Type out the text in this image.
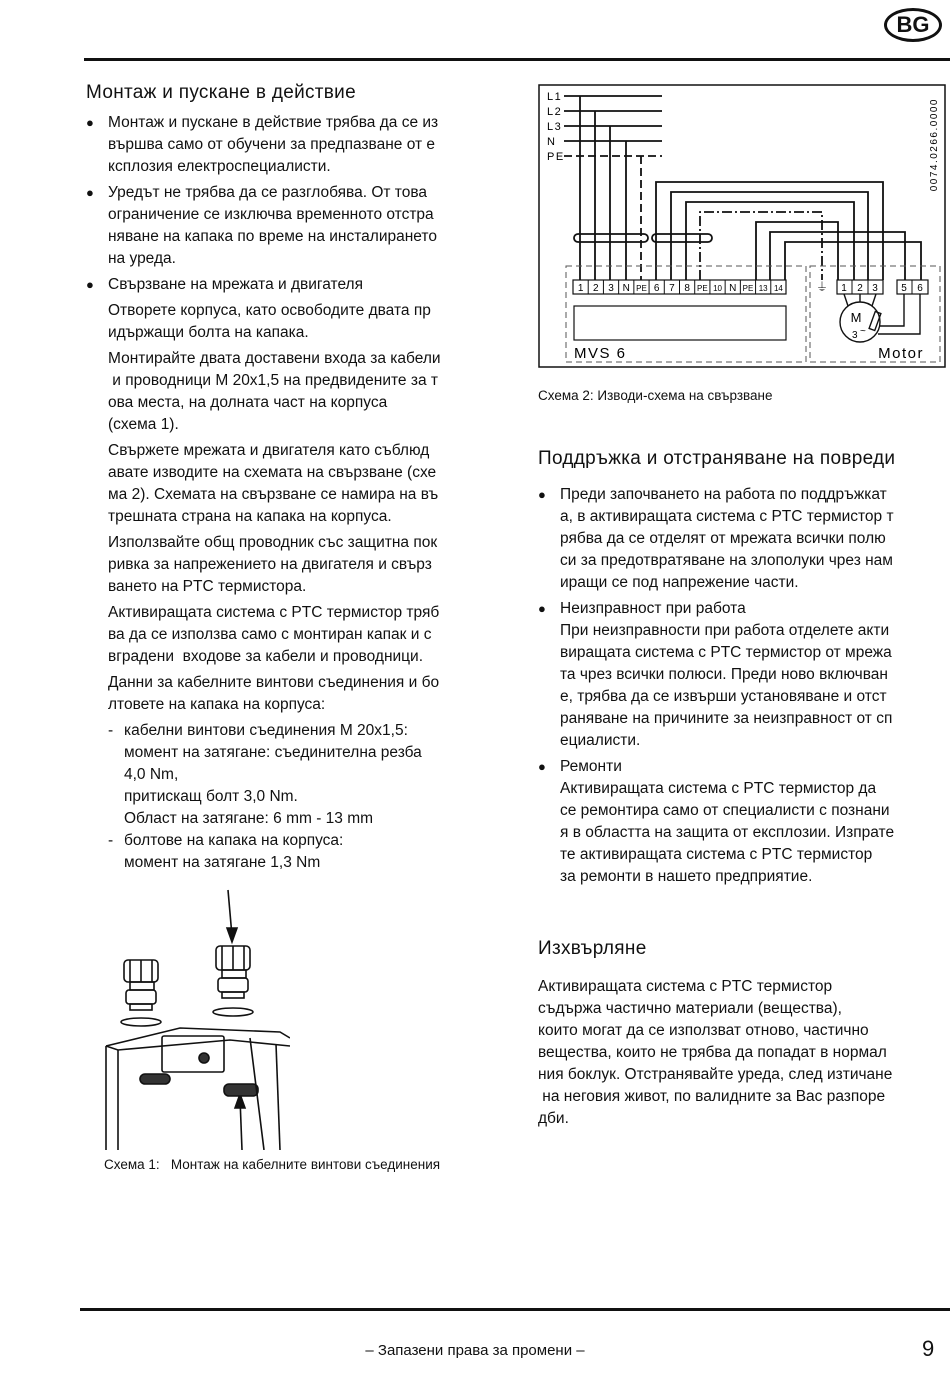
BG
Монтаж и пускане в действие
● Монтаж и пускане в действие трябва да се из
вършва само от обучени за предпазване от е
ксплозия електроспециалисти.
● Уредът не трябва да се разглобява. От това
ограничение се изключва временното отстра
няване на капака по време на инсталирането
на уреда.
● Свързване на мрежата и двигателя
Отворете корпуса, като освободите двата пр
идържащи болта на капака.
Монтирайте двата доставени входа за кабели
и проводници M 20x1,5 на предвидените за т
ова места, на долната част на корпуса
(схема 1).
Свържете мрежата и двигателя като съблюд
авате изводите на схемата на свързване (схе
ма 2). Схемата на свързване се намира на въ
трешната страна на капака на корпуса.
Използвайте общ проводник със защитна пок
ривка за напрежението на двигателя и свърз
ването на PTC термистора.
Активиращата система с PTC термистор тряб
ва да се използва само с монтиран капак и с
вградени  входове за кабели и проводници.
Данни за кабелните винтови съединения и бо
лтовете на капака на корпуса:
- кабелни винтови съединения M 20x1,5:
момент на затягане: съединителна резба
4,0 Nm,
притискащ болт 3,0 Nm.
Област на затягане: 6 mm - 13 mm
- болтове на капака на корпуса:
момент на затягане 1,3 Nm
Схема 1:   Монтаж на кабелните винтови съединения
0074.0266.0000
L1
L2
L3
N
PE
1 2 3 N PE 6 7 8 PE 10 N PE 13 14
MVS 6
⏚ 1 2 3 5 6
M
3 ~
Motor
Схема 2: Изводи-схема на свързване
Поддръжка и отстраняване на повреди
● Преди започването на работа по поддръжкат
а, в активиращата система с PTC термистор т
рябва да се отделят от мрежата всички полю
си за предотвратяване на злополуки чрез нам
иращи се под напрежение части.
● Неизправност при работа
При неизправности при работа отделете акти
виращата система с PTC термистор от мрежа
та чрез всички полюси. Преди ново включван
е, трябва да се извърши установяване и отст
раняване на причините за неизправност от сп
ециалисти.
● Ремонти
Активиращата система с PTC термистор да
се ремонтира само от специалисти с познани
я в областта на защита от експлозии. Изпрате
те активиращата система с PTC термистор
за ремонти в нашето предприятие.
Изхвърляне
Активиращата система с PTC термистор
съдържа частично материали (вещества),
които могат да се използват отново, частично
вещества, които не трябва да попадат в нормал
ния боклук. Отстранявайте уреда, след изтичане
на неговия живот, по валидните за Вас разпоре
дби.
– Запазени права за промени –	9
